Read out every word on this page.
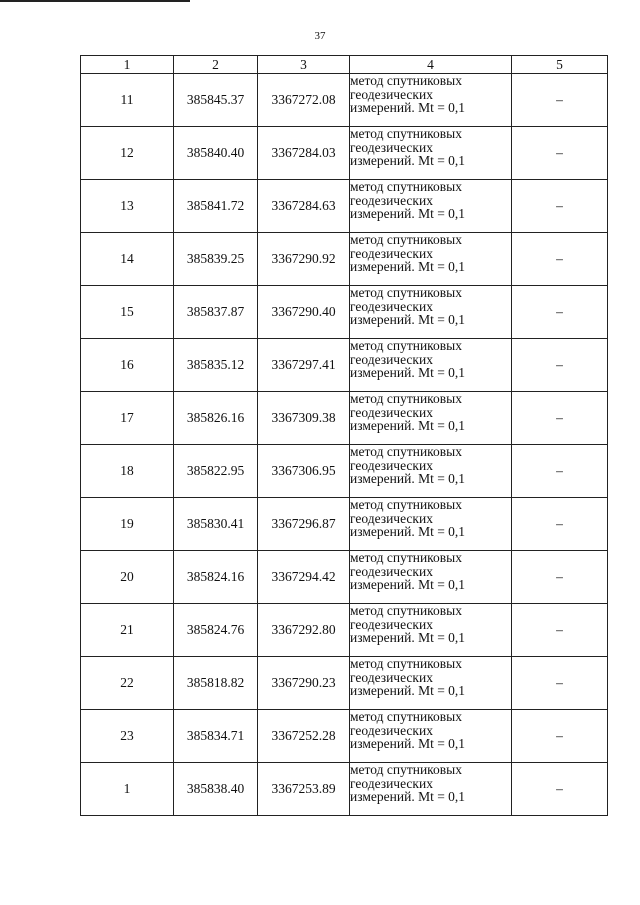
37
1	2	3	4	5
11	385845.37	3367272.08	метод спутниковых
геодезических
измерений. Mt = 0,1	–
12	385840.40	3367284.03	метод спутниковых
геодезических
измерений. Mt = 0,1	–
13	385841.72	3367284.63	метод спутниковых
геодезических
измерений. Mt = 0,1	–
14	385839.25	3367290.92	метод спутниковых
геодезических
измерений. Mt = 0,1	–
15	385837.87	3367290.40	метод спутниковых
геодезических
измерений. Mt = 0,1	–
16	385835.12	3367297.41	метод спутниковых
геодезических
измерений. Mt = 0,1	–
17	385826.16	3367309.38	метод спутниковых
геодезических
измерений. Mt = 0,1	–
18	385822.95	3367306.95	метод спутниковых
геодезических
измерений. Mt = 0,1	–
19	385830.41	3367296.87	метод спутниковых
геодезических
измерений. Mt = 0,1	–
20	385824.16	3367294.42	метод спутниковых
геодезических
измерений. Mt = 0,1	–
21	385824.76	3367292.80	метод спутниковых
геодезических
измерений. Mt = 0,1	–
22	385818.82	3367290.23	метод спутниковых
геодезических
измерений. Mt = 0,1	–
23	385834.71	3367252.28	метод спутниковых
геодезических
измерений. Mt = 0,1	–
1	385838.40	3367253.89	метод спутниковых
геодезических
измерений. Mt = 0,1	–
